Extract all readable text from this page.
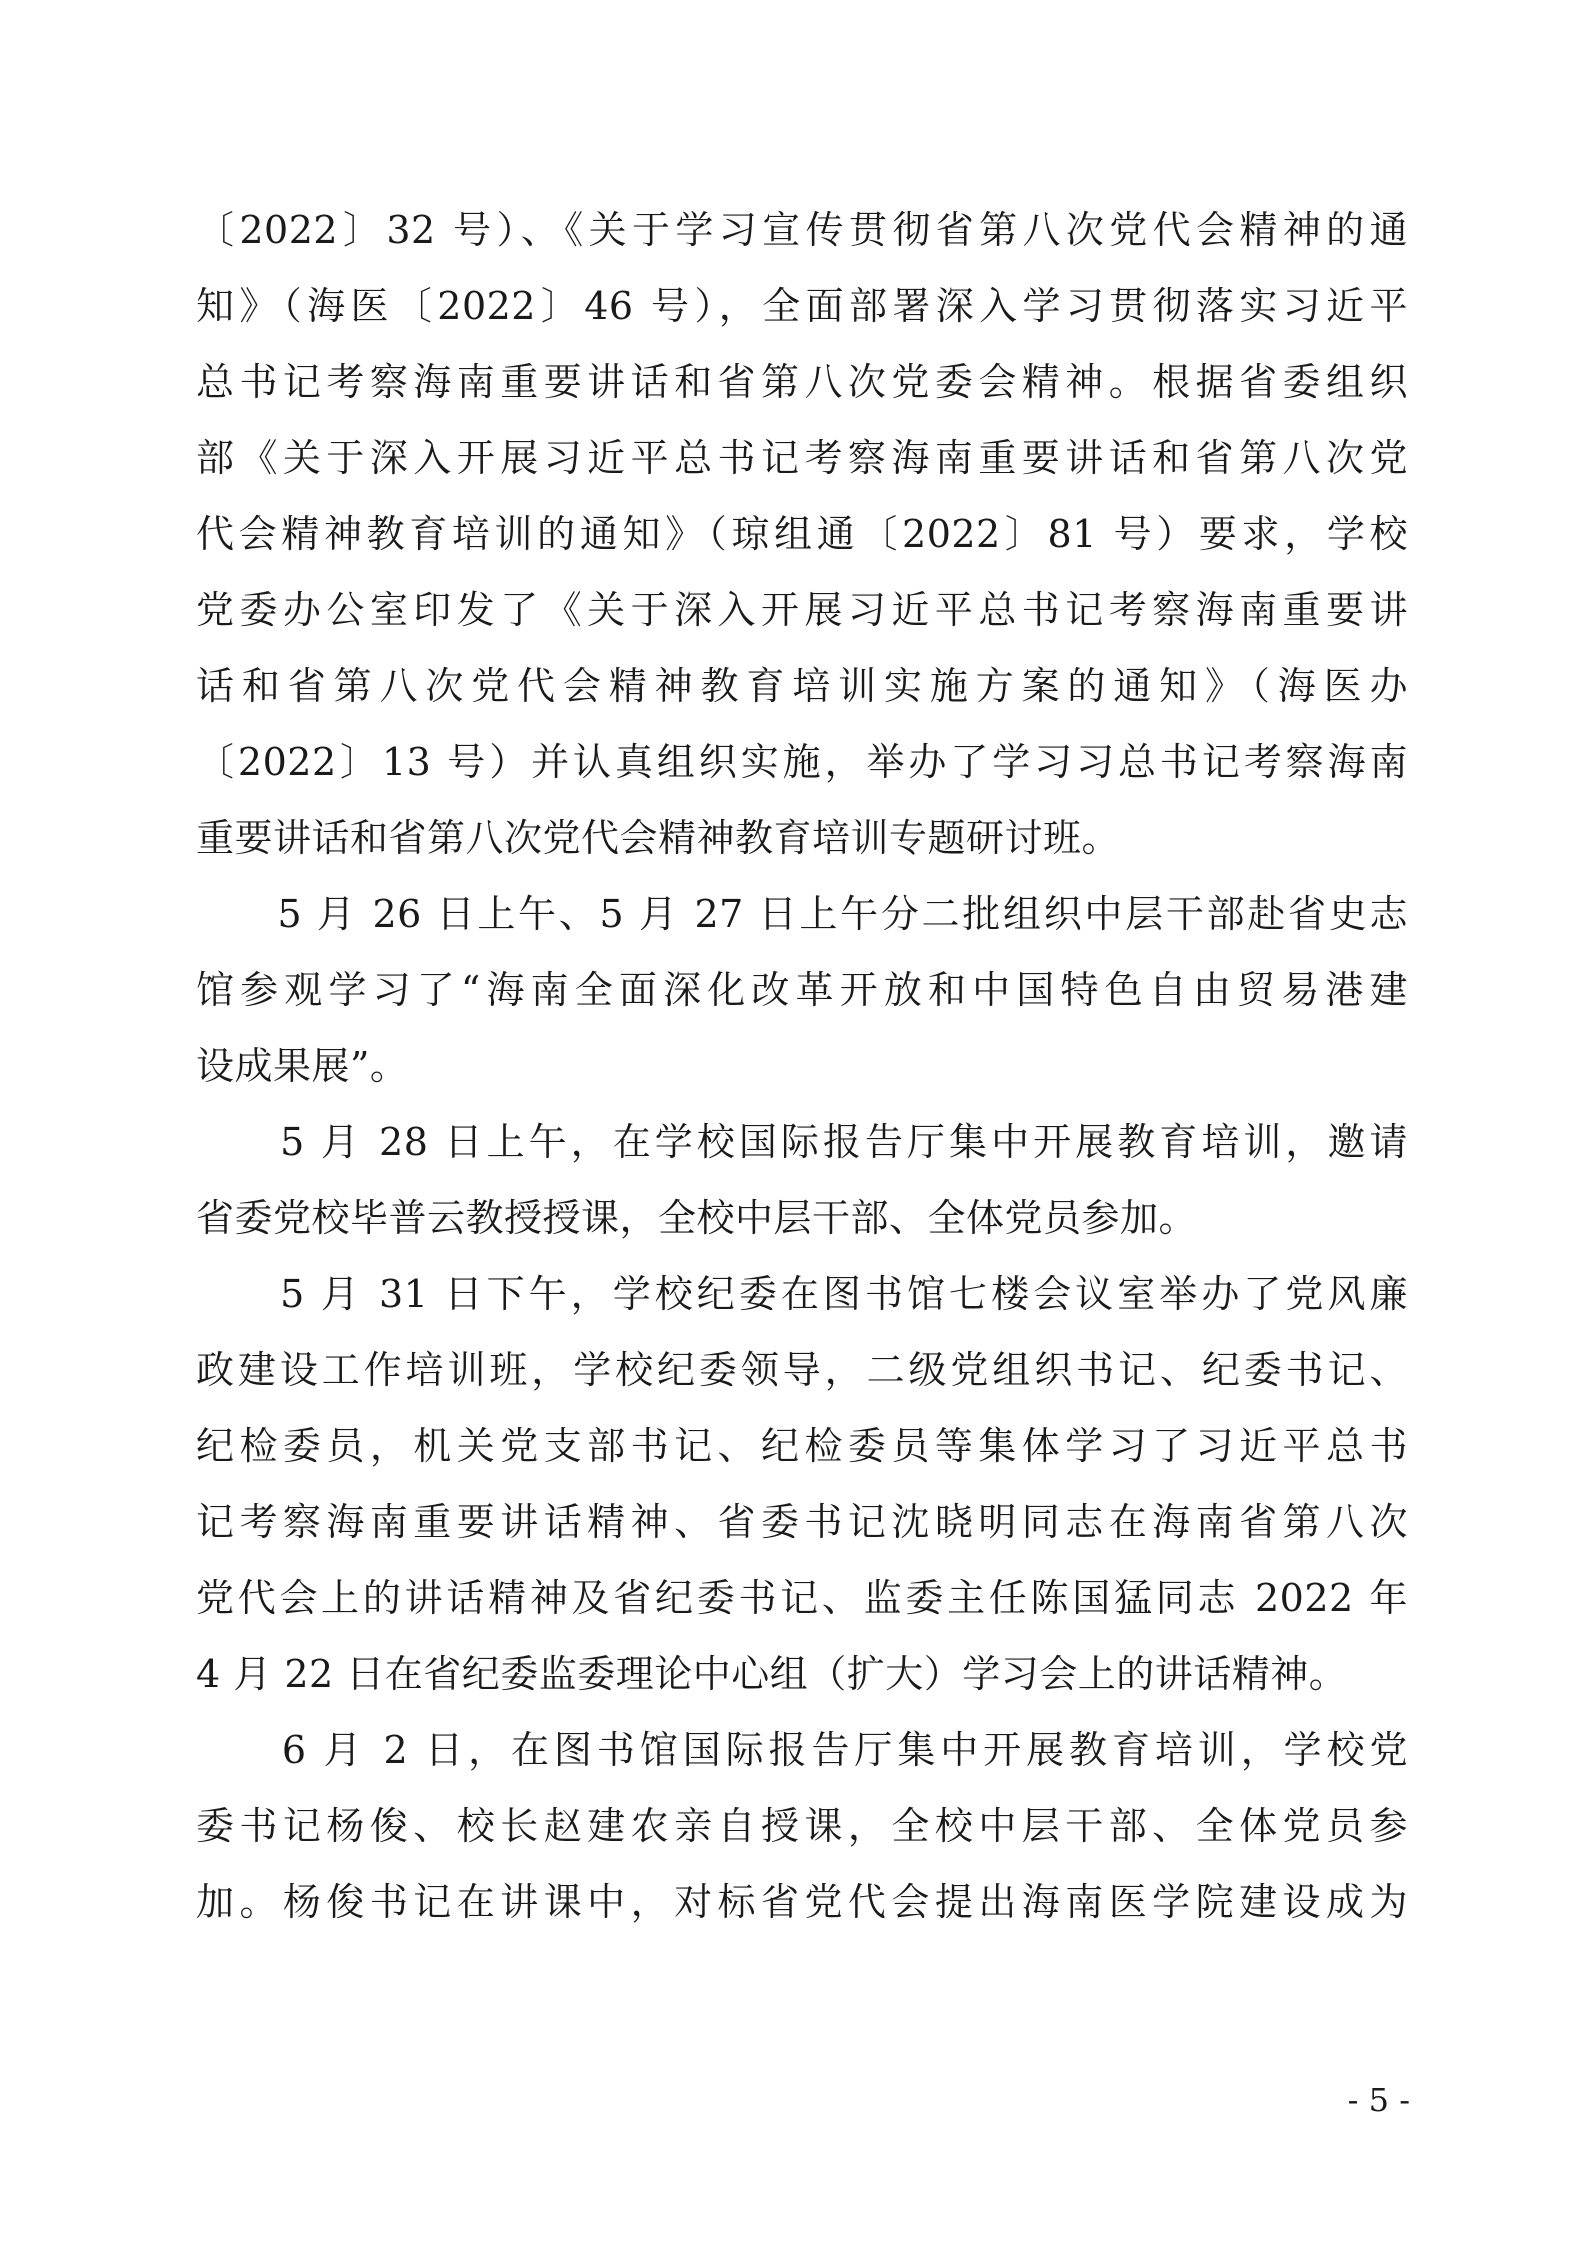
〔2022〕32 号）、《关于学习宣传贯彻省第八次党代会精神的通
知》（海医〔2022〕46 号），全面部署深入学习贯彻落实习近平
总书记考察海南重要讲话和省第八次党委会精神。根据省委组织
部《关于深入开展习近平总书记考察海南重要讲话和省第八次党
代会精神教育培训的通知》（琼组通〔2022〕81 号）要求，学校
党委办公室印发了《关于深入开展习近平总书记考察海南重要讲
话和省第八次党代会精神教育培训实施方案的通知》（海医办
〔2022〕13 号）并认真组织实施，举办了学习习总书记考察海南
重要讲话和省第八次党代会精神教育培训专题研讨班。
　　5 月 26 日上午、5 月 27 日上午分二批组织中层干部赴省史志
馆参观学习了“海南全面深化改革开放和中国特色自由贸易港建
设成果展”。
　　5 月 28 日上午，在学校国际报告厅集中开展教育培训，邀请
省委党校毕普云教授授课，全校中层干部、全体党员参加。
　　5 月 31 日下午，学校纪委在图书馆七楼会议室举办了党风廉
政建设工作培训班，学校纪委领导，二级党组织书记、纪委书记、
纪检委员，机关党支部书记、纪检委员等集体学习了习近平总书
记考察海南重要讲话精神、省委书记沈晓明同志在海南省第八次
党代会上的讲话精神及省纪委书记、监委主任陈国猛同志 2022 年
4 月 22 日在省纪委监委理论中心组（扩大）学习会上的讲话精神。
　　6 月 2 日，在图书馆国际报告厅集中开展教育培训，学校党
委书记杨俊、校长赵建农亲自授课，全校中层干部、全体党员参
加。杨俊书记在讲课中，对标省党代会提出海南医学院建设成为
- 5 -
